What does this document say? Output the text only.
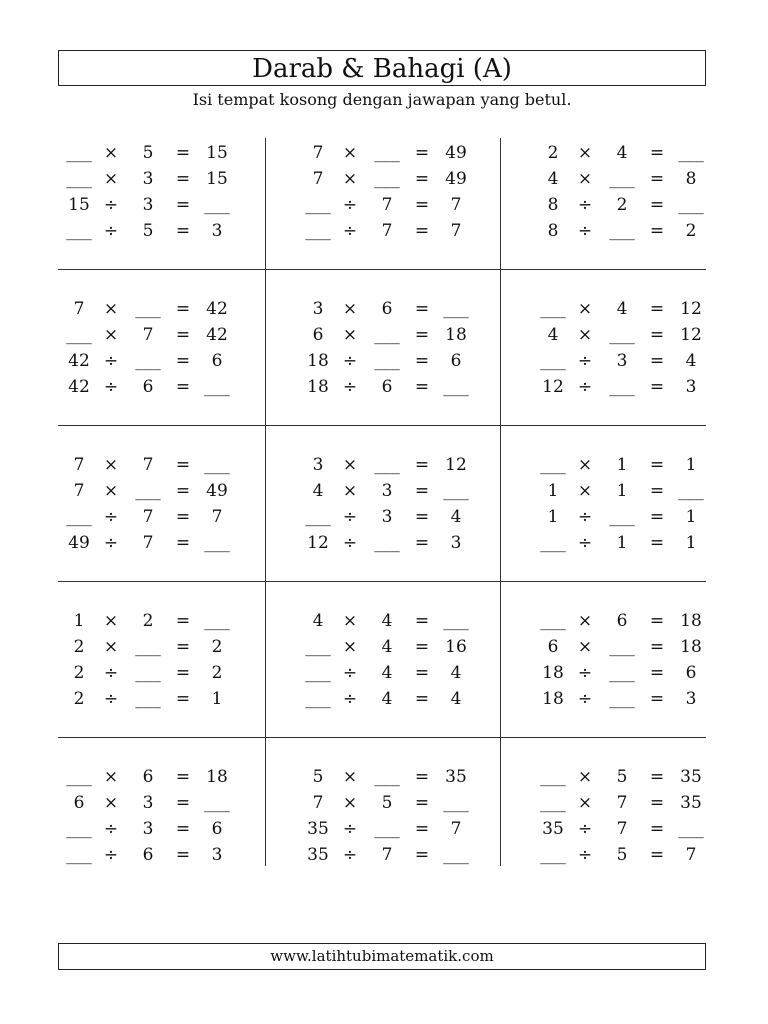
Darab & Bahagi (A)
Isi tempat kosong dengan jawapan yang betul.
___ ×	5	= 15
___ ×	3	= 15
15 ÷	3	= ___
___ ÷	5	=	3
7	×	___ = 49
7	×	___ = 49
___ ÷	7	=	7
___ ÷	7	=	7
2	×	4	= ___
4	×	___ =	8
8	÷	2	= ___
8	÷	___ =	2
7	×	___ = 42
___ ×	7	= 42
42 ÷	___ =	6
42 ÷	6	= ___
3	×	6	= ___
6	×	___ = 18
18 ÷	___ =	6
18 ÷	6	= ___
___ ×	4	= 12
4	×	___ = 12
___ ÷	3	=	4
12 ÷	___ =	3
7	×	7	= ___
7	×	___ = 49
___ ÷	7	=	7
49 ÷	7	= ___
3	×	___ = 12
4	×	3	= ___
___ ÷	3	=	4
12 ÷	___ =	3
___ ×	1	=	1
1	×	1	= ___
1	÷	___ =	1
___ ÷	1	=	1
1	×	2	= ___
2	×	___ =	2
2	÷	___ =	2
2	÷	___ =	1
4	×	4	= ___
___ ×	4	= 16
___ ÷	4	=	4
___ ÷	4	=	4
___ ×	6	= 18
6	×	___ = 18
18 ÷	___ =	6
18 ÷	___ =	3
___ ×	6	= 18
6	×	3	= ___
___ ÷	3	=	6
___ ÷	6	=	3
5	×	___ = 35
7	×	5	= ___
35 ÷	___ =	7
35 ÷	7	= ___
___ ×	5	= 35
___ ×	7	= 35
35 ÷	7	= ___
___ ÷	5	=	7
www.latihtubimatematik.com
